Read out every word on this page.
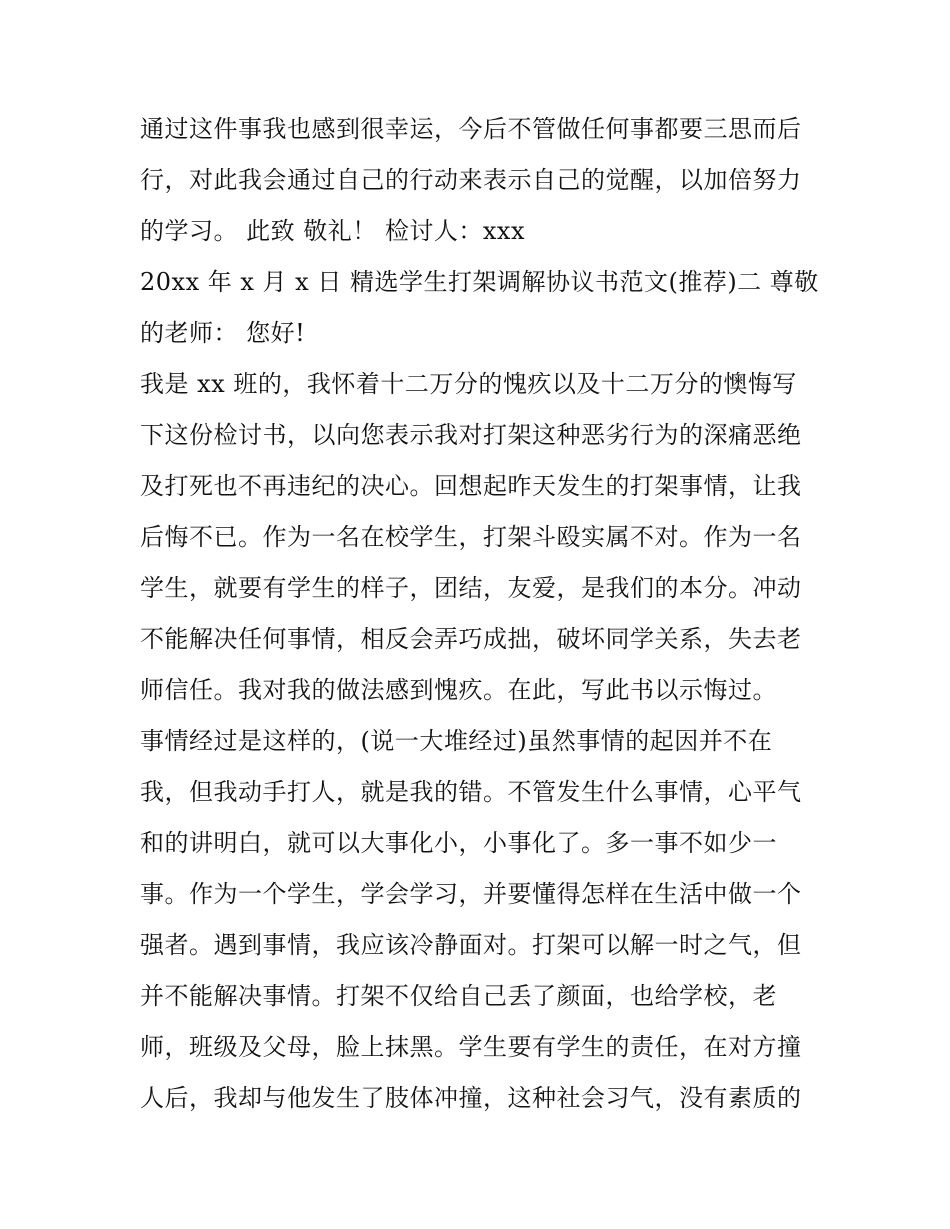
通过这件事我也感到很幸运，今后不管做任何事都要三思而后
行，对此我会通过自己的行动来表示自己的觉醒，以加倍努力
的学习。 此致 敬礼！ 检讨人：xxx
20xx 年 x 月 x 日 精选学生打架调解协议书范文(推荐)二 尊敬
的老师： 您好!
我是 xx 班的，我怀着十二万分的愧疚以及十二万分的懊悔写
下这份检讨书，以向您表示我对打架这种恶劣行为的深痛恶绝
及打死也不再违纪的决心。回想起昨天发生的打架事情，让我
后悔不已。作为一名在校学生，打架斗殴实属不对。作为一名
学生，就要有学生的样子，团结，友爱，是我们的本分。冲动
不能解决任何事情，相反会弄巧成拙，破坏同学关系，失去老
师信任。我对我的做法感到愧疚。在此，写此书以示悔过。
事情经过是这样的，(说一大堆经过)虽然事情的起因并不在
我，但我动手打人，就是我的错。不管发生什么事情，心平气
和的讲明白，就可以大事化小，小事化了。多一事不如少一
事。作为一个学生，学会学习，并要懂得怎样在生活中做一个
强者。遇到事情，我应该冷静面对。打架可以解一时之气，但
并不能解决事情。打架不仅给自己丢了颜面，也给学校，老
师，班级及父母，脸上抹黑。学生要有学生的责任，在对方撞
人后，我却与他发生了肢体冲撞，这种社会习气，没有素质的
